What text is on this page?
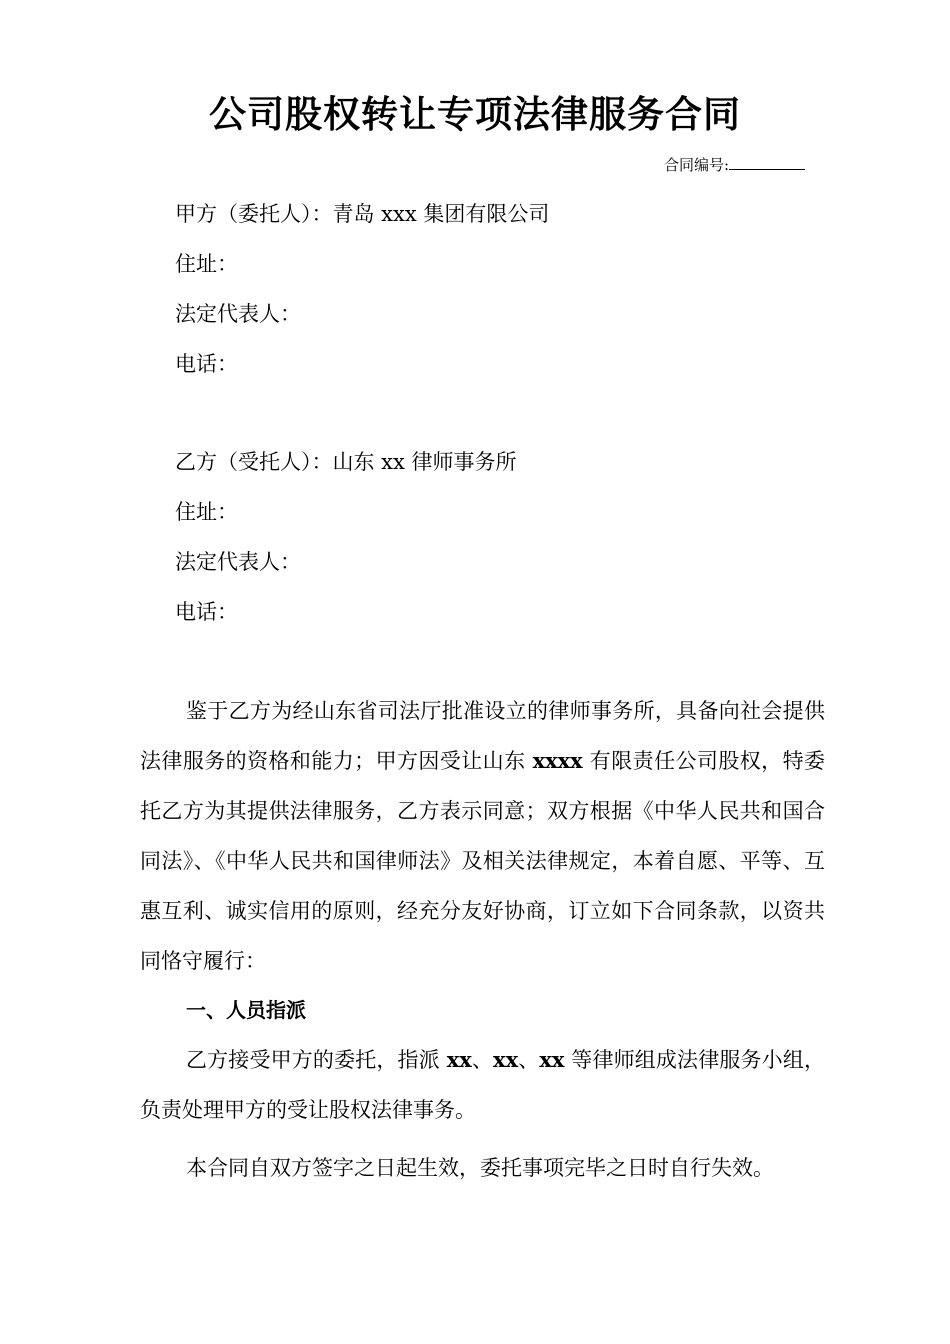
公司股权转让专项法律服务合同
合同编号:
甲方（委托人）：青岛 xxx 集团有限公司
住址：
法定代表人：
电话：
乙方（受托人）：山东 xx 律师事务所
住址：
法定代表人：
电话：
鉴于乙方为经山东省司法厅批准设立的律师事务所，具备向社会提供法律服务的资格和能力；甲方因受让山东 xxxx 有限责任公司股权，特委托乙方为其提供法律服务，乙方表示同意；双方根据《中华人民共和国合同法》、《中华人民共和国律师法》及相关法律规定，本着自愿、平等、互惠互利、诚实信用的原则，经充分友好协商，订立如下合同条款，以资共同恪守履行：
一、人员指派
乙方接受甲方的委托，指派 xx、xx、xx 等律师组成法律服务小组，负责处理甲方的受让股权法律事务。
本合同自双方签字之日起生效，委托事项完毕之日时自行失效。
